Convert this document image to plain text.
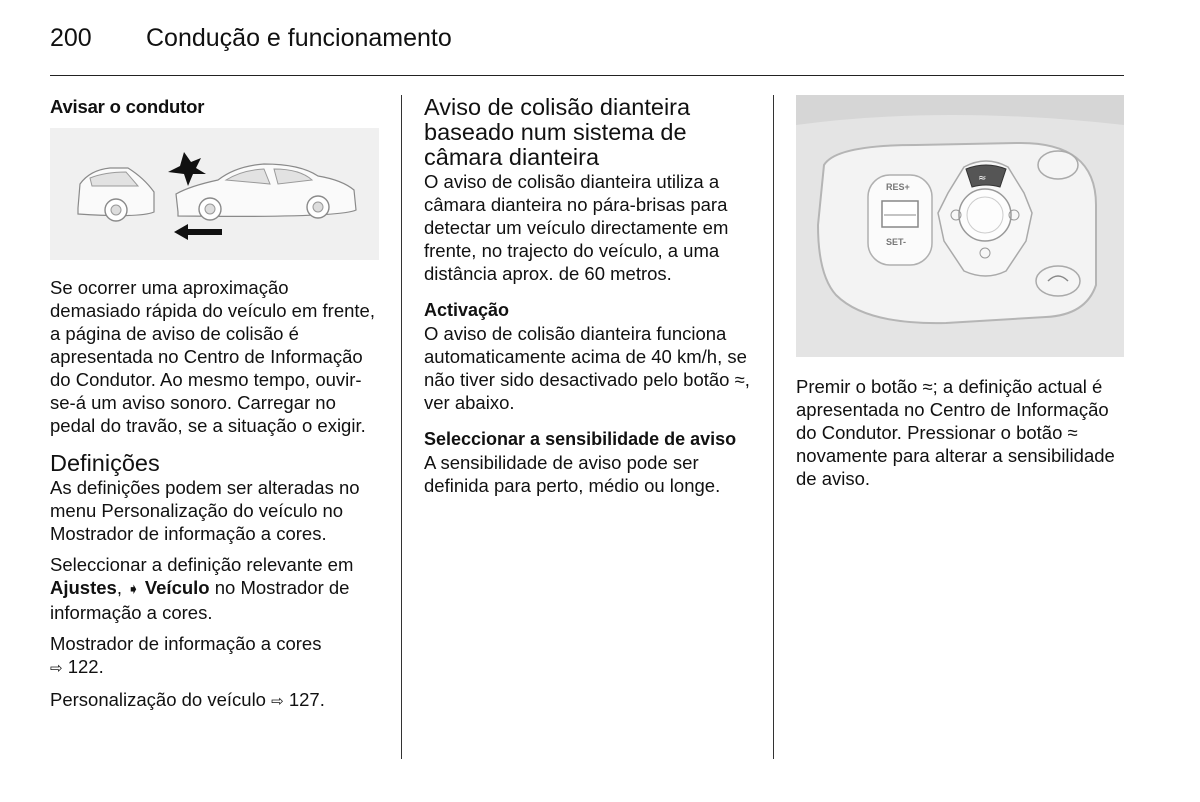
200 Condução e funcionamento
Avisar o condutor

Se ocorrer uma aproximação demasiado rápida do veículo em frente, a página de aviso de colisão é apresentada no Centro de Informação do Condutor. Ao mesmo tempo, ouvir-se-á um aviso sonoro. Carregar no pedal do travão, se a situação o exigir.

Definições

As definições podem ser alteradas no menu Personalização do veículo no Mostrador de informação a cores.

Seleccionar a definição relevante em Ajustes, ➧ Veículo no Mostrador de informação a cores.

Mostrador de informação a cores
⇨ 122.

Personalização do veículo ⇨ 127.

Aviso de colisão dianteira baseado num sistema de câmara dianteira

O aviso de colisão dianteira utiliza a câmara dianteira no pára-brisas para detectar um veículo directamente em frente, no trajecto do veículo, a uma distância aprox. de 60 metros.

Activação

O aviso de colisão dianteira funciona automaticamente acima de 40 km/h, se não tiver sido desactivado pelo botão ≈, ver abaixo.

Seleccionar a sensibilidade de aviso

A sensibilidade de aviso pode ser definida para perto, médio ou longe.

RES+
SET-
≈

Premir o botão ≈; a definição actual é apresentada no Centro de Informação do Condutor. Pressionar o botão ≈ novamente para alterar a sensibilidade de aviso.
